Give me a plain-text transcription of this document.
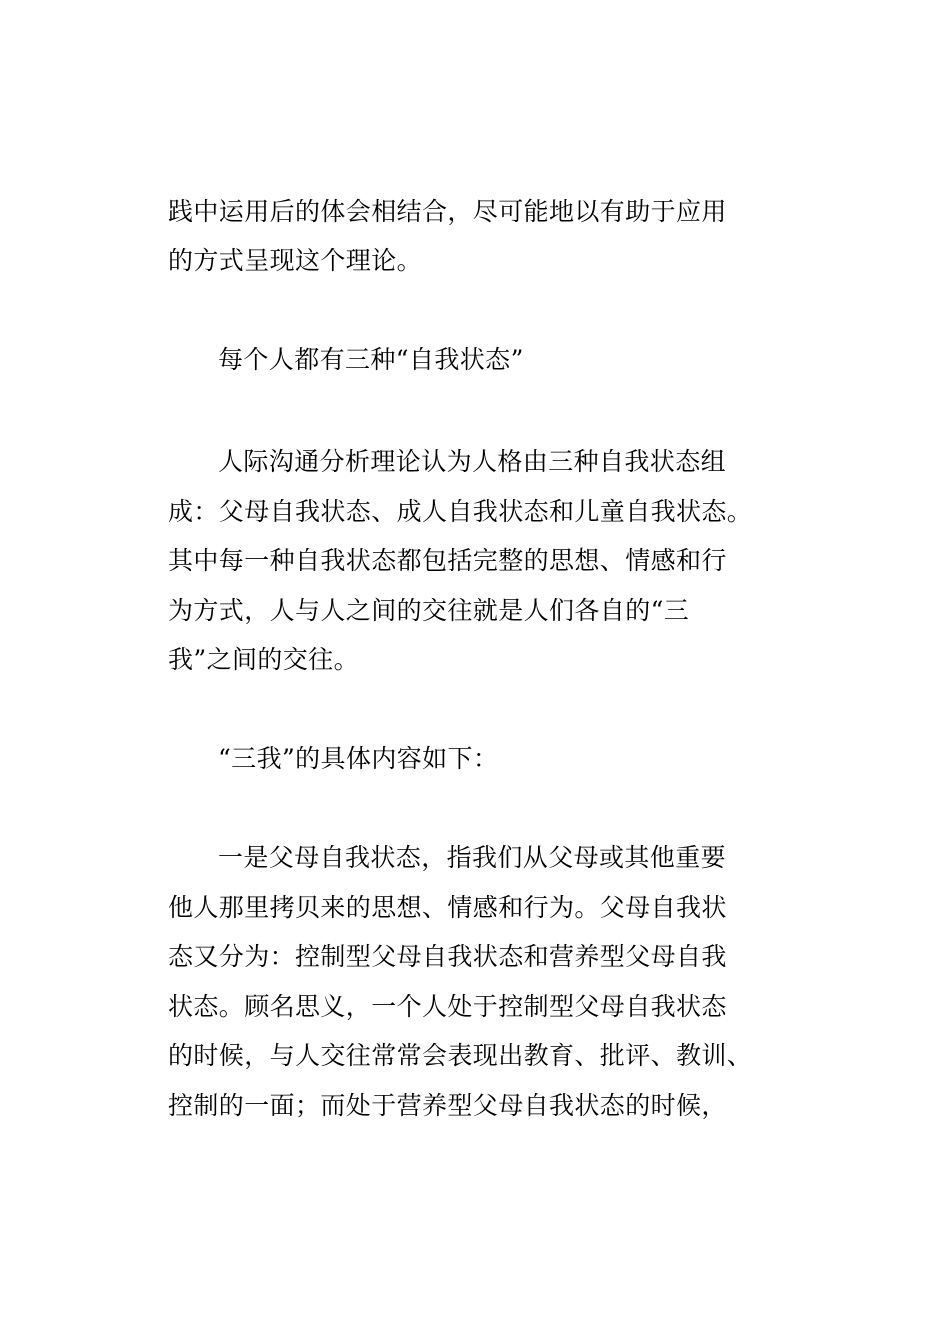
践中运用后的体会相结合，尽可能地以有助于应用
的方式呈现这个理论。
每个人都有三种“自我状态”
人际沟通分析理论认为人格由三种自我状态组
成：父母自我状态、成人自我状态和儿童自我状态。
其中每一种自我状态都包括完整的思想、情感和行
为方式，人与人之间的交往就是人们各自的“三
我”之间的交往。
“三我”的具体内容如下：
一是父母自我状态，指我们从父母或其他重要
他人那里拷贝来的思想、情感和行为。父母自我状
态又分为：控制型父母自我状态和营养型父母自我
状态。顾名思义，一个人处于控制型父母自我状态
的时候，与人交往常常会表现出教育、批评、教训、
控制的一面；而处于营养型父母自我状态的时候，
